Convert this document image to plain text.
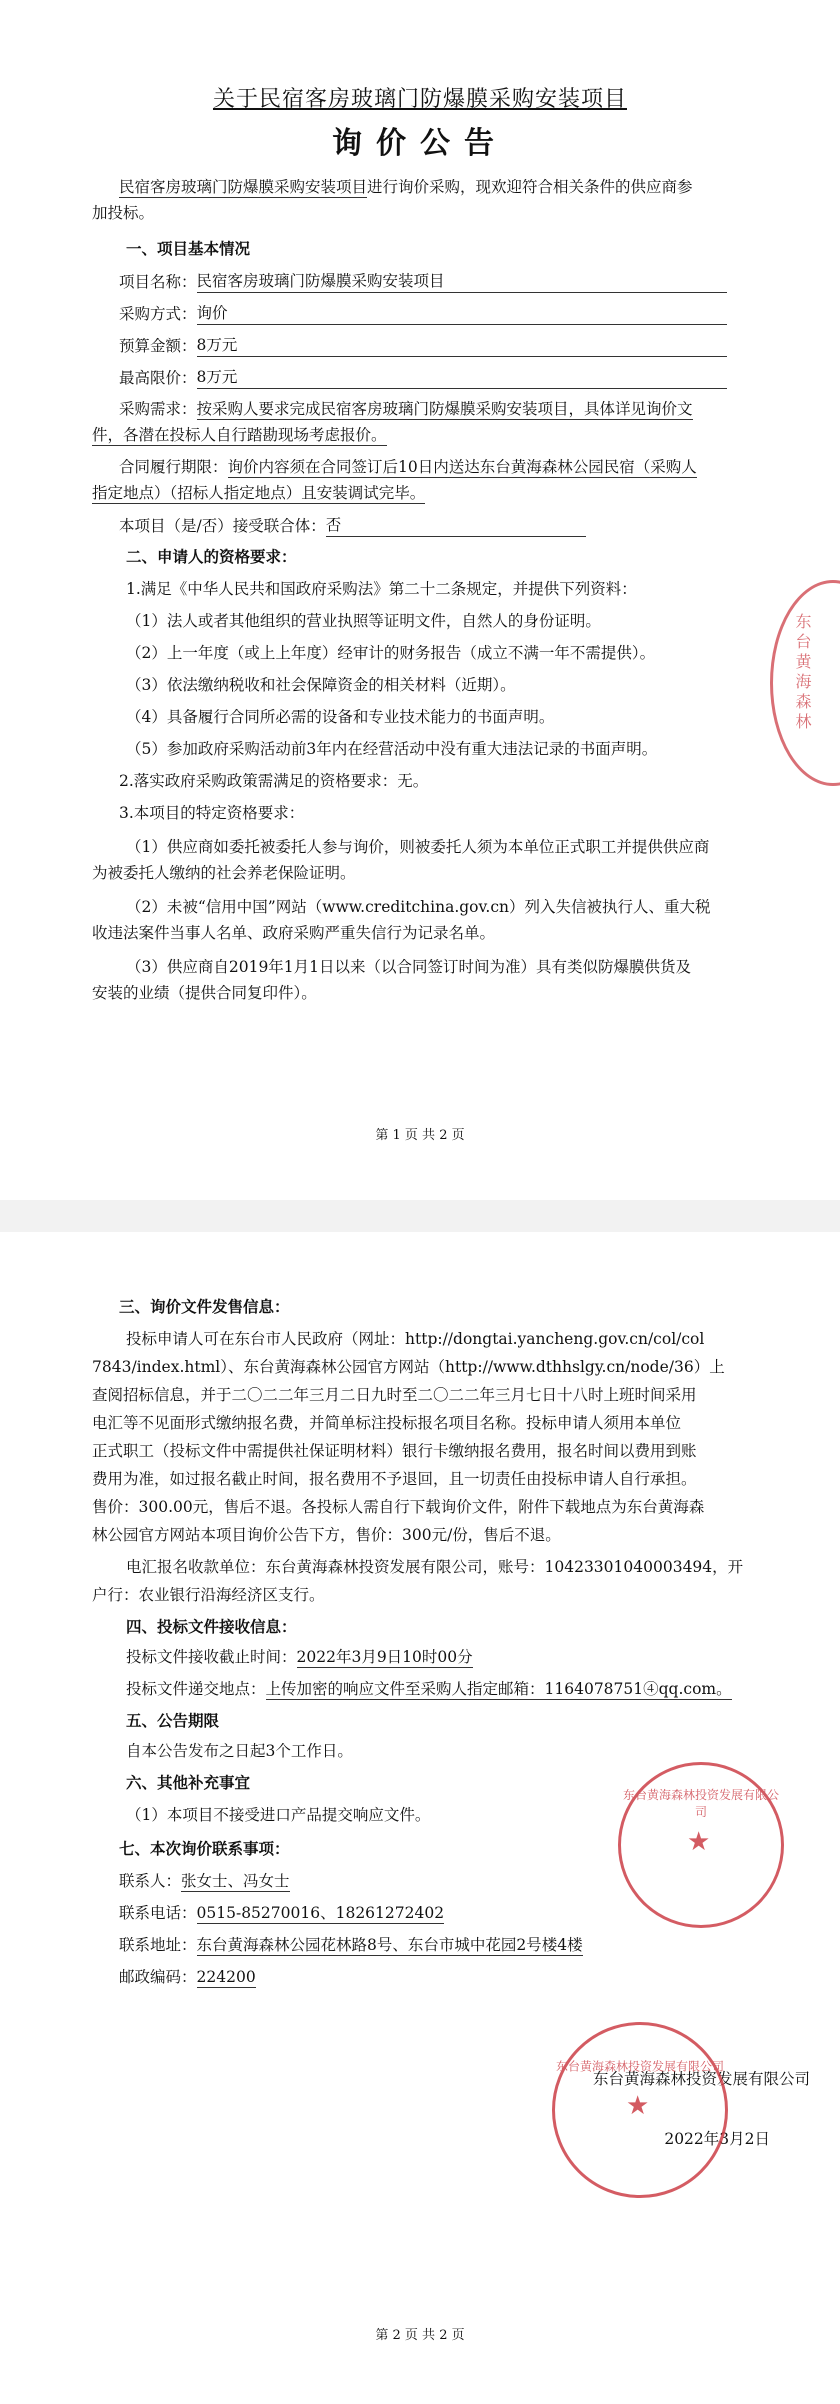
关于民宿客房玻璃门防爆膜采购安装项目
询价公告
民宿客房玻璃门防爆膜采购安装项目进行询价采购，现欢迎符合相关条件的供应商参
加投标。
一、项目基本情况
项目名称：民宿客房玻璃门防爆膜采购安装项目
采购方式：询价
预算金额：8万元
最高限价：8万元
采购需求：按采购人要求完成民宿客房玻璃门防爆膜采购安装项目，具体详见询价文
件，各潜在投标人自行踏勘现场考虑报价。
合同履行期限：询价内容须在合同签订后10日内送达东台黄海森林公园民宿（采购人
指定地点）（招标人指定地点）且安装调试完毕。
本项目（是/否）接受联合体：否
二、申请人的资格要求：
1.满足《中华人民共和国政府采购法》第二十二条规定，并提供下列资料：
（1）法人或者其他组织的营业执照等证明文件，自然人的身份证明。
（2）上一年度（或上上年度）经审计的财务报告（成立不满一年不需提供）。
（3）依法缴纳税收和社会保障资金的相关材料（近期）。
（4）具备履行合同所必需的设备和专业技术能力的书面声明。
（5）参加政府采购活动前3年内在经营活动中没有重大违法记录的书面声明。
2.落实政府采购政策需满足的资格要求：无。
3.本项目的特定资格要求：
（1）供应商如委托被委托人参与询价，则被委托人须为本单位正式职工并提供供应商
为被委托人缴纳的社会养老保险证明。
（2）未被“信用中国”网站（www.creditchina.gov.cn）列入失信被执行人、重大税
收违法案件当事人名单、政府采购严重失信行为记录名单。
（3）供应商自2019年1月1日以来（以合同签订时间为准）具有类似防爆膜供货及
安装的业绩（提供合同复印件）。
第 1 页 共 2 页
东台黄海森林
三、询价文件发售信息：
投标申请人可在东台市人民政府（网址：http://dongtai.yancheng.gov.cn/col/col
7843/index.html）、东台黄海森林公园官方网站（http://www.dthhslgy.cn/node/36）上
查阅招标信息，并于二〇二二年三月二日九时至二〇二二年三月七日十八时上班时间采用
电汇等不见面形式缴纳报名费，并简单标注投标报名项目名称。投标申请人须用本单位
正式职工（投标文件中需提供社保证明材料）银行卡缴纳报名费用，报名时间以费用到账
费用为准，如过报名截止时间，报名费用不予退回，且一切责任由投标申请人自行承担。
售价：300.00元，售后不退。各投标人需自行下载询价文件，附件下载地点为东台黄海森
林公园官方网站本项目询价公告下方，售价：300元/份，售后不退。
电汇报名收款单位：东台黄海森林投资发展有限公司，账号：10423301040003494，开
户行：农业银行沿海经济区支行。
四、投标文件接收信息：
投标文件接收截止时间：2022年3月9日10时00分
投标文件递交地点：上传加密的响应文件至采购人指定邮箱：1164078751④qq.com。
五、公告期限
自本公告发布之日起3个工作日。
六、其他补充事宜
（1）本项目不接受进口产品提交响应文件。
七、本次询价联系事项：
联系人：张女士、冯女士
联系电话：0515-85270016、18261272402
联系地址：东台黄海森林公园花林路8号、东台市城中花园2号楼4楼
邮政编码：224200
东台黄海森林投资发展有限公司
2022年3月2日
★
东台黄海森林投资发展有限公司
★
东台黄海森林投资发展有限公司
第 2 页 共 2 页
